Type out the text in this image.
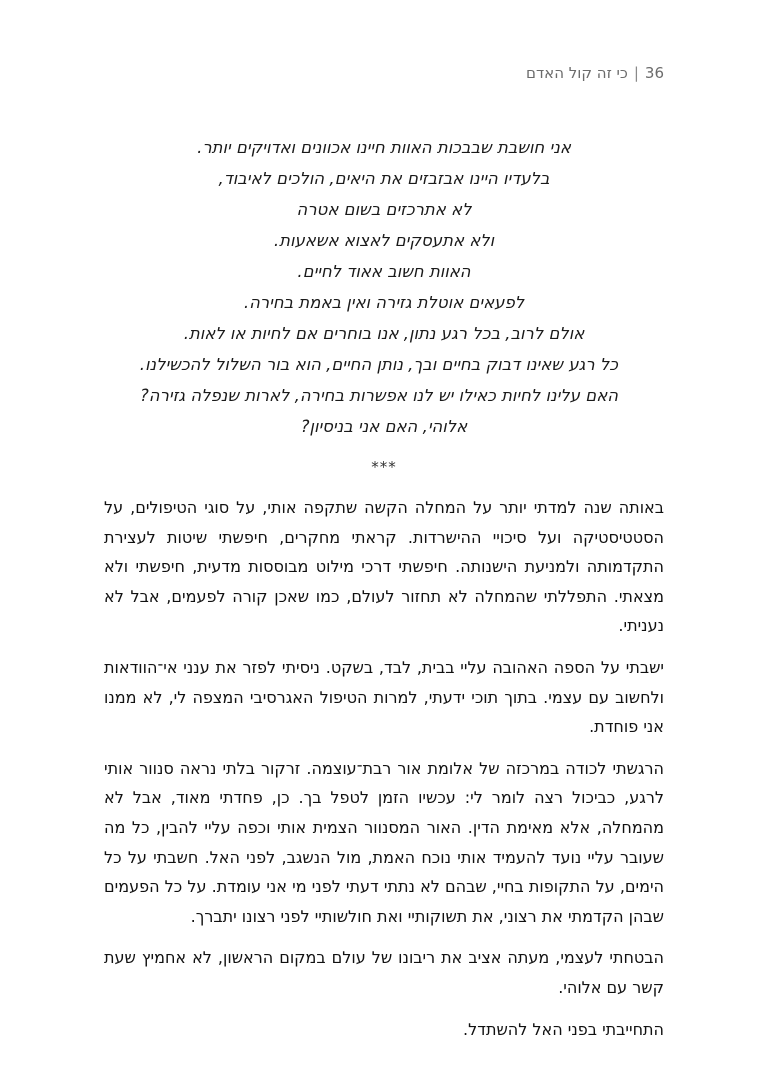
36|כי זה קול האדם
אני חושבת שבבכות האוות חיינו אכוונים ואדויקים יותר.
בלעדיו היינו אבזבזים את היאים, הולכים לאיבוד,
לא אתרכזים בשום אטרה
ולא אתעסקים לאצוא אשאעות.
האוות חשוב אאוד לחיים.
לפעאים אוטלת גזירה ואין באמת בחירה.
אולם לרוב, בכל רגע נתון, אנו בוחרים אם לחיות או לאות.
כל רגע שאינו דבוק בחיים ובך, נותן החיים, הוא בור השלול להכשילנו.
האם עלינו לחיות כאילו יש לנו אפשרות בחירה, לארות שנפלה גזירה?
אלוהי, האם אני בניסיון?
***

באותה שנה למדתי יותר על המחלה הקשה שתקפה אותי, על סוגי הטיפולים, על הסטטיסטיקה ועל סיכויי ההישרדות. קראתי מחקרים, חיפשתי שיטות לעצירת התקדמותה ולמניעת הישנותה. חיפשתי דרכי מילוט מבוססות מדעית, חיפשתי ולא מצאתי. התפללתי שהמחלה לא תחזור לעולם, כמו שאכן קורה לפעמים, אבל לא נעניתי.

ישבתי על הספה האהובה עליי בבית, לבד, בשקט. ניסיתי לפזר את ענני אי־הוודאות ולחשוב עם עצמי. בתוך תוכי ידעתי, למרות הטיפול האגרסיבי המצפה לי, לא ממנו אני פוחדת.

הרגשתי לכודה במרכזה של אלומת אור רבת־עוצמה. זרקור בלתי נראה סנוור אותי לרגע, כביכול רצה לומר לי: עכשיו הזמן לטפל בך. כן, פחדתי מאוד, אבל לא מהמחלה, אלא מאימת הדין. האור המסנוור הצמית אותי וכפה עליי להבין, כל מה שעובר עליי נועד להעמיד אותי נוכח האמת, מול הנשגב, לפני האל. חשבתי על כל הימים, על התקופות בחיי, שבהם לא נתתי דעתי לפני מי אני עומדת. על כל הפעמים שבהן הקדמתי את רצוני, את תשוקותיי ואת חולשותיי לפני רצונו יתברך.

הבטחתי לעצמי, מעתה אציב את ריבונו של עולם במקום הראשון, לא אחמיץ שעת קשר עם אלוהי.

התחייבתי בפני האל להשתדל.
